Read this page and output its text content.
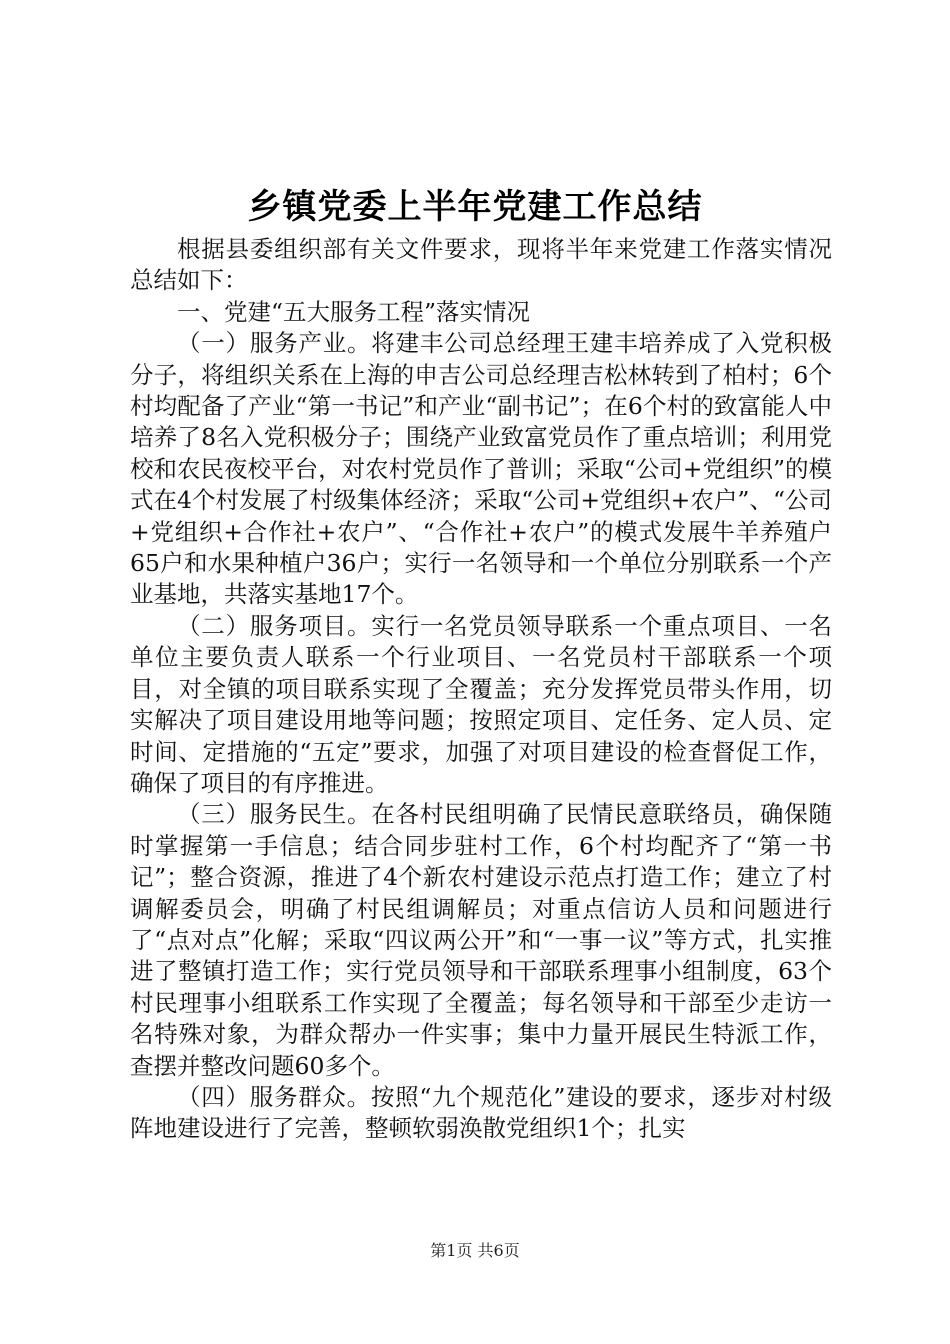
乡镇党委上半年党建工作总结

根据县委组织部有关文件要求，现将半年来党建工作落实情况总结如下：

一、党建“五大服务工程”落实情况

（一）服务产业。将建丰公司总经理王建丰培养成了入党积极分子，将组织关系在上海的申吉公司总经理吉松林转到了柏村；6个村均配备了产业“第一书记”和产业“副书记”；在6个村的致富能人中培养了8名入党积极分子；围绕产业致富党员作了重点培训；利用党校和农民夜校平台，对农村党员作了普训；采取“公司+党组织”的模式在4个村发展了村级集体经济；采取“公司+党组织+农户”、“公司+党组织+合作社+农户”、“合作社+农户”的模式发展牛羊养殖户65户和水果种植户36户；实行一名领导和一个单位分别联系一个产业基地，共落实基地17个。

（二）服务项目。实行一名党员领导联系一个重点项目、一名单位主要负责人联系一个行业项目、一名党员村干部联系一个项目，对全镇的项目联系实现了全覆盖；充分发挥党员带头作用，切实解决了项目建设用地等问题；按照定项目、定任务、定人员、定时间、定措施的“五定”要求，加强了对项目建设的检查督促工作，确保了项目的有序推进。

（三）服务民生。在各村民组明确了民情民意联络员，确保随时掌握第一手信息；结合同步驻村工作，6个村均配齐了“第一书记”；整合资源，推进了4个新农村建设示范点打造工作；建立了村调解委员会，明确了村民组调解员；对重点信访人员和问题进行了“点对点”化解；采取“四议两公开”和“一事一议”等方式，扎实推进了整镇打造工作；实行党员领导和干部联系理事小组制度，63个村民理事小组联系工作实现了全覆盖；每名领导和干部至少走访一名特殊对象，为群众帮办一件实事；集中力量开展民生特派工作，查摆并整改问题60多个。

（四）服务群众。按照“九个规范化”建设的要求，逐步对村级阵地建设进行了完善，整顿软弱涣散党组织1个；扎实

第1页 共6页
